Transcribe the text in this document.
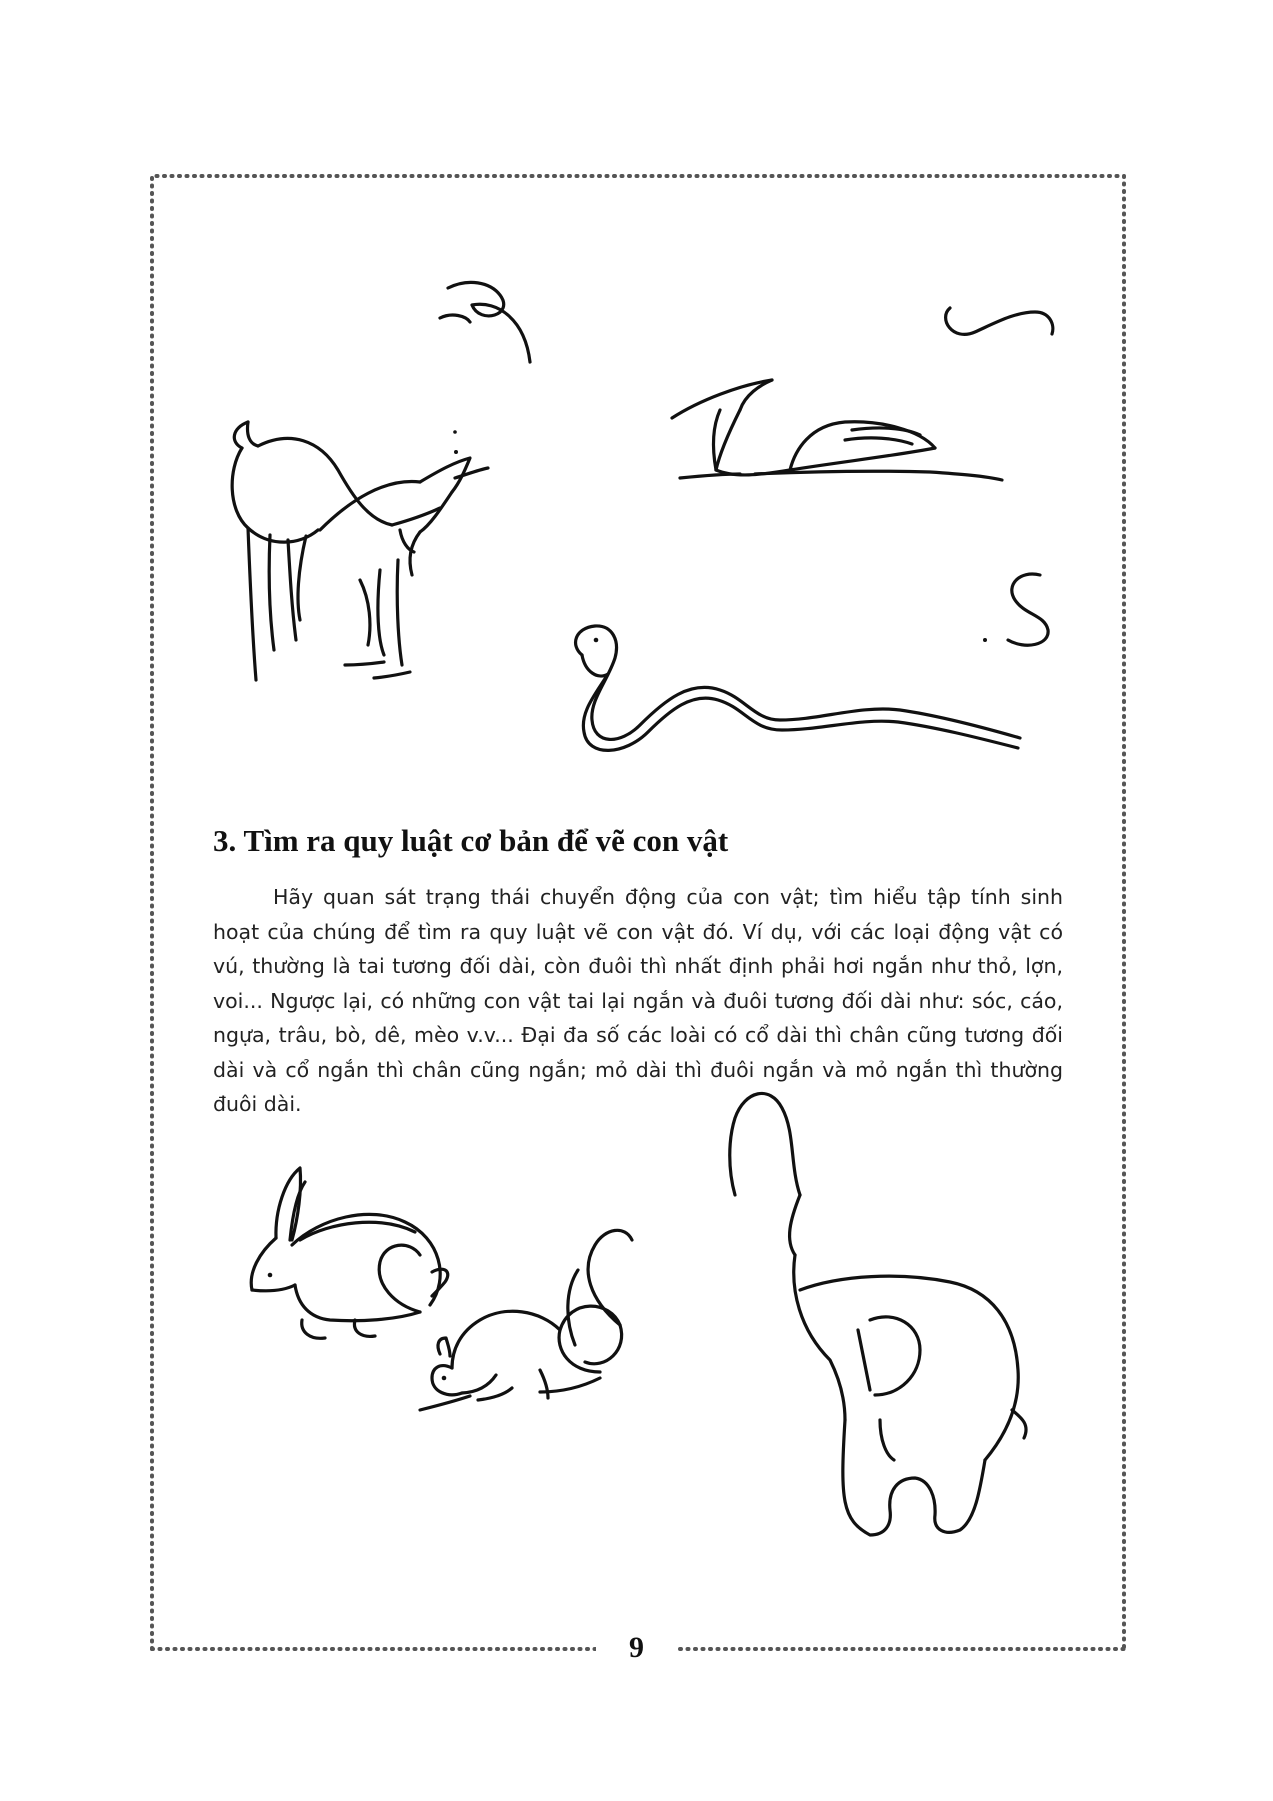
3. Tìm ra quy luật cơ bản để vẽ con vật

Hãy quan sát trạng thái chuyển động của con vật; tìm hiểu tập tính sinh hoạt của chúng để tìm ra quy luật vẽ con vật đó. Ví dụ, với các loại động vật có vú, thường là tai tương đối dài, còn đuôi thì nhất định phải hơi ngắn như thỏ, lợn, voi... Ngược lại, có những con vật tai lại ngắn và đuôi tương đối dài như: sóc, cáo, ngựa, trâu, bò, dê, mèo v.v... Đại đa số các loài có cổ dài thì chân cũng tương đối dài và cổ ngắn thì chân cũng ngắn; mỏ dài thì đuôi ngắn và mỏ ngắn thì thường đuôi dài.

9
